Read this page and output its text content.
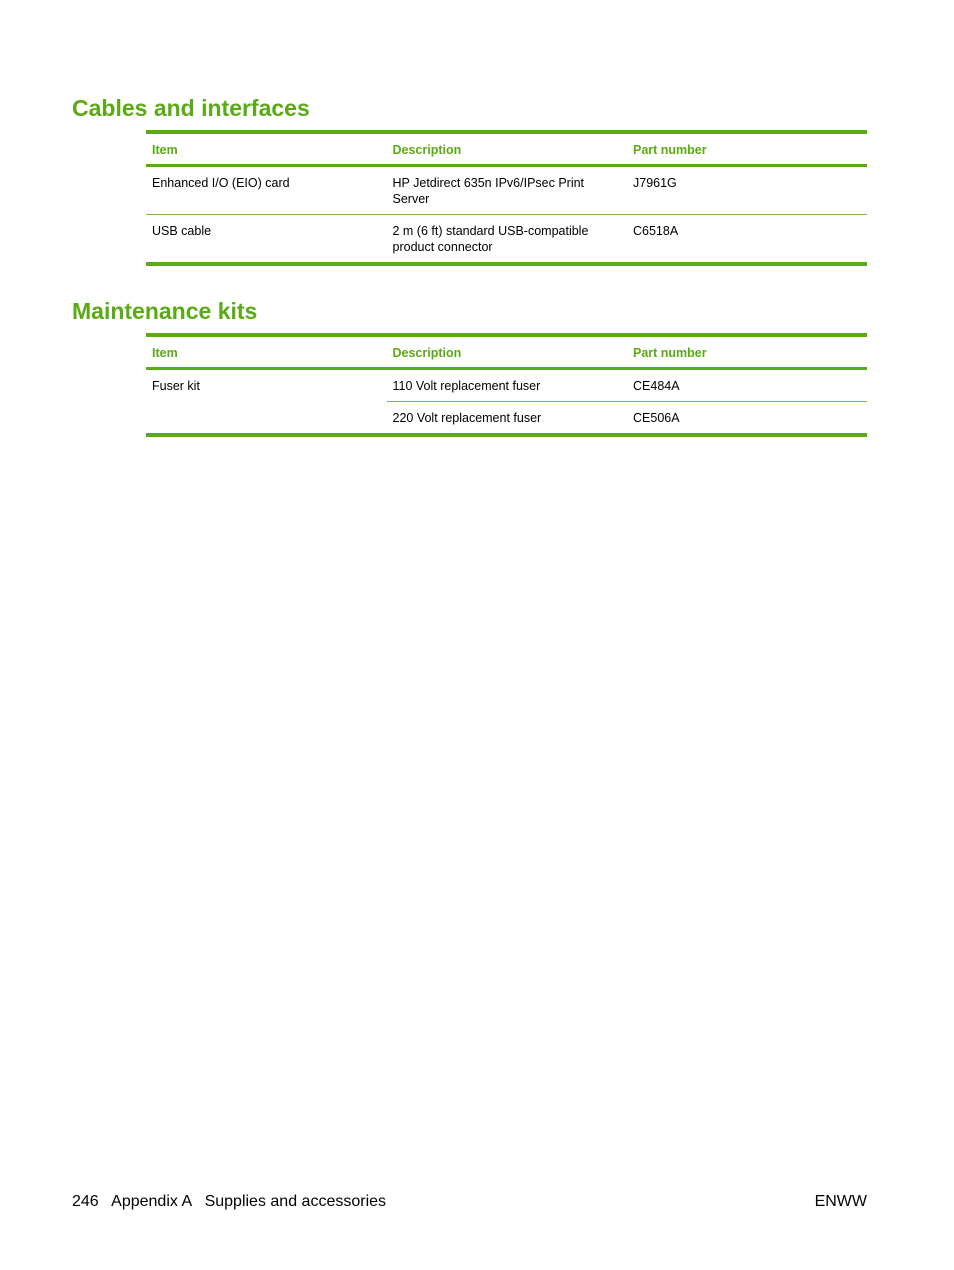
Cables and interfaces
Item	Description	Part number
Enhanced I/O (EIO) card	HP Jetdirect 635n IPv6/IPsec Print Server	J7961G
USB cable	2 m (6 ft) standard USB-compatible product connector	C6518A
Maintenance kits
Item	Description	Part number
Fuser kit	110 Volt replacement fuser	CE484A
	220 Volt replacement fuser	CE506A
246 Appendix A Supplies and accessories	ENWW
